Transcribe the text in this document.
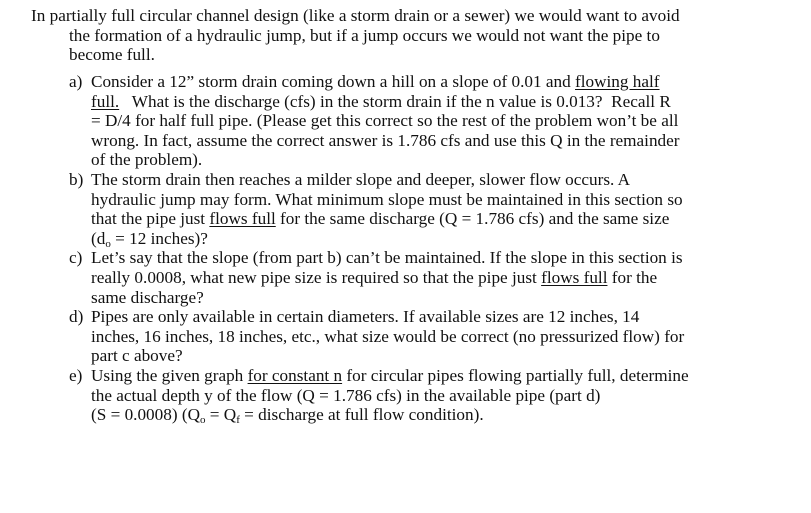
In partially full circular channel design (like a storm drain or a sewer) we would want to avoid
the formation of a hydraulic jump, but if a jump occurs we would not want the pipe to
become full.
a) Consider a 12” storm drain coming down a hill on a slope of 0.01 and flowing half
full.   What is the discharge (cfs) in the storm drain if the n value is 0.013?  Recall R
= D/4 for half full pipe. (Please get this correct so the rest of the problem won’t be all
wrong. In fact, assume the correct answer is 1.786 cfs and use this Q in the remainder
of the problem).
b) The storm drain then reaches a milder slope and deeper, slower flow occurs. A
hydraulic jump may form. What minimum slope must be maintained in this section so
that the pipe just flows full for the same discharge (Q = 1.786 cfs) and the same size
($d_o = 12$ inches)?
c) Let’s say that the slope (from part b) can’t be maintained. If the slope in this section is
really 0.0008, what new pipe size is required so that the pipe just flows full for the
same discharge?
d) Pipes are only available in certain diameters. If available sizes are 12 inches, 14
inches, 16 inches, 18 inches, etc., what size would be correct (no pressurized flow) for
part c above?
e) Using the given graph for constant n for circular pipes flowing partially full, determine
the actual depth y of the flow (Q = 1.786 cfs) in the available pipe (part d)
(S = 0.0008) ($Q_o = Q_f$ = discharge at full flow condition).
